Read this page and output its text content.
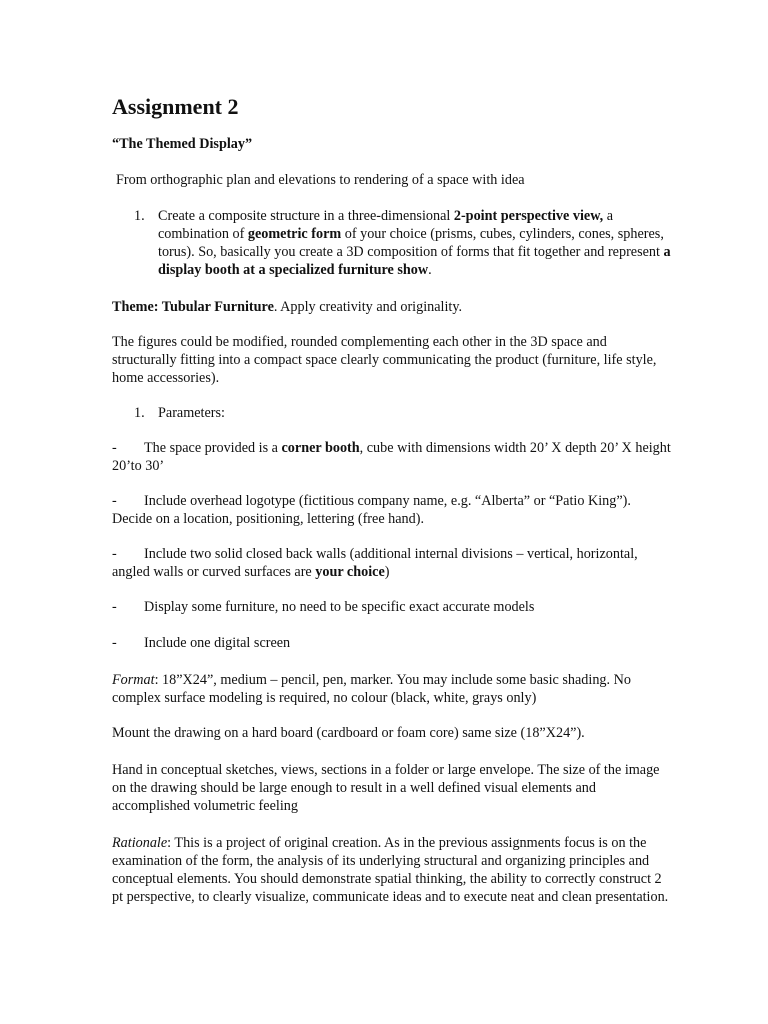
Assignment 2

“The Themed Display”

From orthographic plan and elevations to rendering of a space with idea

1. Create a composite structure in a three-dimensional 2-point perspective view, a combination of geometric form of your choice (prisms, cubes, cylinders, cones, spheres, torus). So, basically you create a 3D composition of forms that fit together and represent a display booth at a specialized furniture show.

Theme: Tubular Furniture. Apply creativity and originality.

The figures could be modified, rounded complementing each other in the 3D space and structurally fitting into a compact space clearly communicating the product (furniture, life style, home accessories).

1. Parameters:

- The space provided is a corner booth, cube with dimensions width 20’ X depth 20’ X height 20’to 30’

- Include overhead logotype (fictitious company name, e.g. “Alberta” or “Patio King”). Decide on a location, positioning, lettering (free hand).

- Include two solid closed back walls (additional internal divisions – vertical, horizontal, angled walls or curved surfaces are your choice)

- Display some furniture, no need to be specific exact accurate models

- Include one digital screen

Format: 18”X24”, medium – pencil, pen, marker. You may include some basic shading. No complex surface modeling is required, no colour (black, white, grays only)

Mount the drawing on a hard board (cardboard or foam core) same size (18”X24”).

Hand in conceptual sketches, views, sections in a folder or large envelope. The size of the image on the drawing should be large enough to result in a well defined visual elements and accomplished volumetric feeling

Rationale: This is a project of original creation. As in the previous assignments focus is on the examination of the form, the analysis of its underlying structural and organizing principles and conceptual elements. You should demonstrate spatial thinking, the ability to correctly construct 2 pt perspective, to clearly visualize, communicate ideas and to execute neat and clean presentation.
